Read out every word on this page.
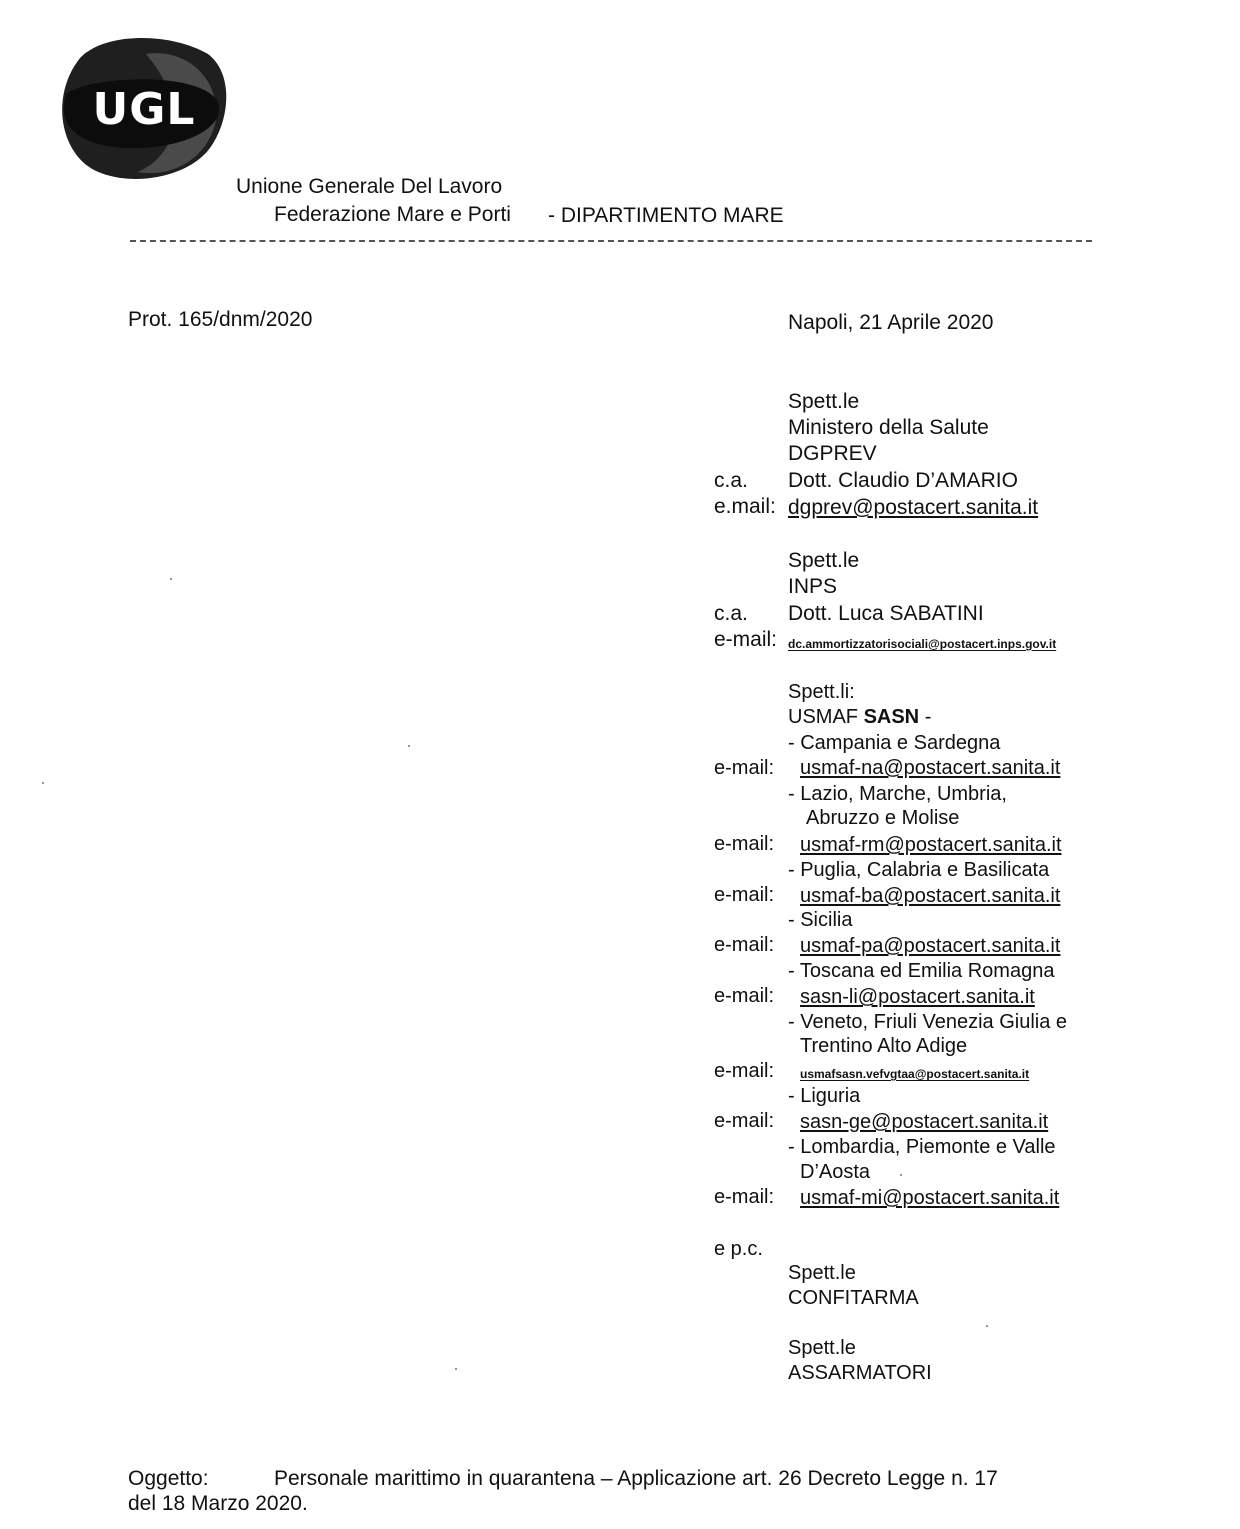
UGL
Unione Generale Del Lavoro
Federazione Mare e Porti - DIPARTIMENTO MARE
Prot. 165/dnm/2020	Napoli, 21 Aprile 2020
Spett.le
Ministero della Salute
DGPREV
c.a. Dott. Claudio D’AMARIO
e.mail: dgprev@postacert.sanita.it
Spett.le
INPS
c.a. Dott. Luca SABATINI
e-mail: dc.ammortizzatorisociali@postacert.inps.gov.it
Spett.li:
USMAF SASN -
- Campania e Sardegna
e-mail: usmaf-na@postacert.sanita.it
- Lazio, Marche, Umbria,
Abruzzo e Molise
e-mail: usmaf-rm@postacert.sanita.it
- Puglia, Calabria e Basilicata
e-mail: usmaf-ba@postacert.sanita.it
- Sicilia
e-mail: usmaf-pa@postacert.sanita.it
- Toscana ed Emilia Romagna
e-mail: sasn-li@postacert.sanita.it
- Veneto, Friuli Venezia Giulia e
Trentino Alto Adige
e-mail: usmafsasn.vefvgtaa@postacert.sanita.it
- Liguria
e-mail: sasn-ge@postacert.sanita.it
- Lombardia, Piemonte e Valle
D’Aosta
e-mail: usmaf-mi@postacert.sanita.it
e p.c.
Spett.le
CONFITARMA
Spett.le
ASSARMATORI
Oggetto:	Personale marittimo in quarantena – Applicazione art. 26 Decreto Legge n. 17
del 18 Marzo 2020.
